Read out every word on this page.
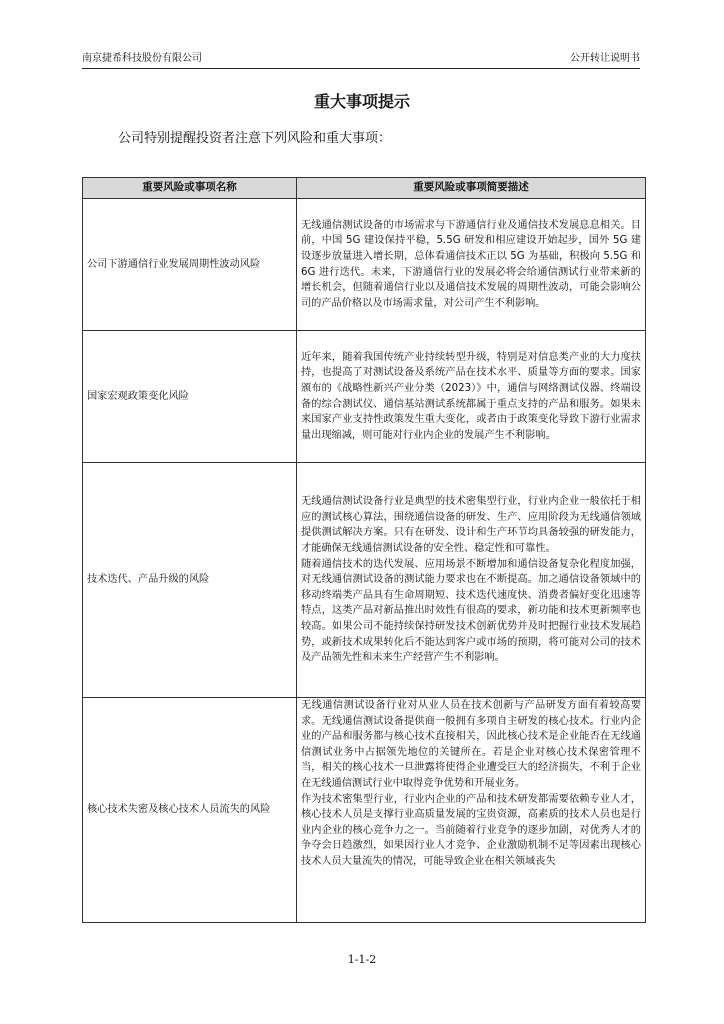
南京捷希科技股份有限公司	公开转让说明书
重大事项提示
公司特别提醒投资者注意下列风险和重大事项：
重要风险或事项名称	重要风险或事项简要描述
公司下游通信行业发展周期性波动风险	无线通信测试设备的市场需求与下游通信行业及通信技术发展息息相关。目前，中国 5G 建设保持平稳，5.5G 研发和相应建设开始起步，国外 5G 建设逐步放量进入增长期，总体看通信技术正以 5G 为基础，积极向 5.5G 和 6G 进行迭代。未来，下游通信行业的发展必将会给通信测试行业带来新的增长机会，但随着通信行业以及通信技术发展的周期性波动，可能会影响公司的产品价格以及市场需求量，对公司产生不利影响。

国家宏观政策变化风险	近年来，随着我国传统产业持续转型升级，特别是对信息类产业的大力度扶持，也提高了对测试设备及系统产品在技术水平、质量等方面的要求。国家颁布的《战略性新兴产业分类（2023）》中，通信与网络测试仪器、终端设备的综合测试仪、通信基站测试系统都属于重点支持的产品和服务。如果未来国家产业支持性政策发生重大变化，或者由于政策变化导致下游行业需求量出现缩减，则可能对行业内企业的发展产生不利影响。

技术迭代、产品升级的风险	无线通信测试设备行业是典型的技术密集型行业，行业内企业一般依托于相应的测试核心算法，围绕通信设备的研发、生产、应用阶段为无线通信领域提供测试解决方案。只有在研发、设计和生产环节均具备较强的研发能力，才能确保无线通信测试设备的安全性、稳定性和可靠性。

随着通信技术的迭代发展、应用场景不断增加和通信设备复杂化程度加强，对无线通信测试设备的测试能力要求也在不断提高。加之通信设备领域中的移动终端类产品具有生命周期短、技术迭代速度快、消费者偏好变化迅速等特点，这类产品对新品推出时效性有很高的要求，新功能和技术更新频率也较高。如果公司不能持续保持研发技术创新优势并及时把握行业技术发展趋势，或新技术成果转化后不能达到客户或市场的预期，将可能对公司的技术及产品领先性和未来生产经营产生不利影响。

核心技术失密及核心技术人员流失的风险	无线通信测试设备行业对从业人员在技术创新与产品研发方面有着较高要求。无线通信测试设备提供商一般拥有多项自主研发的核心技术。行业内企业的产品和服务都与核心技术直接相关，因此核心技术是企业能否在无线通信测试业务中占据领先地位的关键所在。若是企业对核心技术保密管理不当，相关的核心技术一旦泄露将使得企业遭受巨大的经济损失，不利于企业在无线通信测试行业中取得竞争优势和开展业务。

作为技术密集型行业，行业内企业的产品和技术研发都需要依赖专业人才，核心技术人员是支撑行业高质量发展的宝贵资源，高素质的技术人员也是行业内企业的核心竞争力之一。当前随着行业竞争的逐步加剧，对优秀人才的争夺会日趋激烈，如果因行业人才竞争、企业激励机制不足等因素出现核心技术人员大量流失的情况，可能导致企业在相关领域丧失

1-1-2
